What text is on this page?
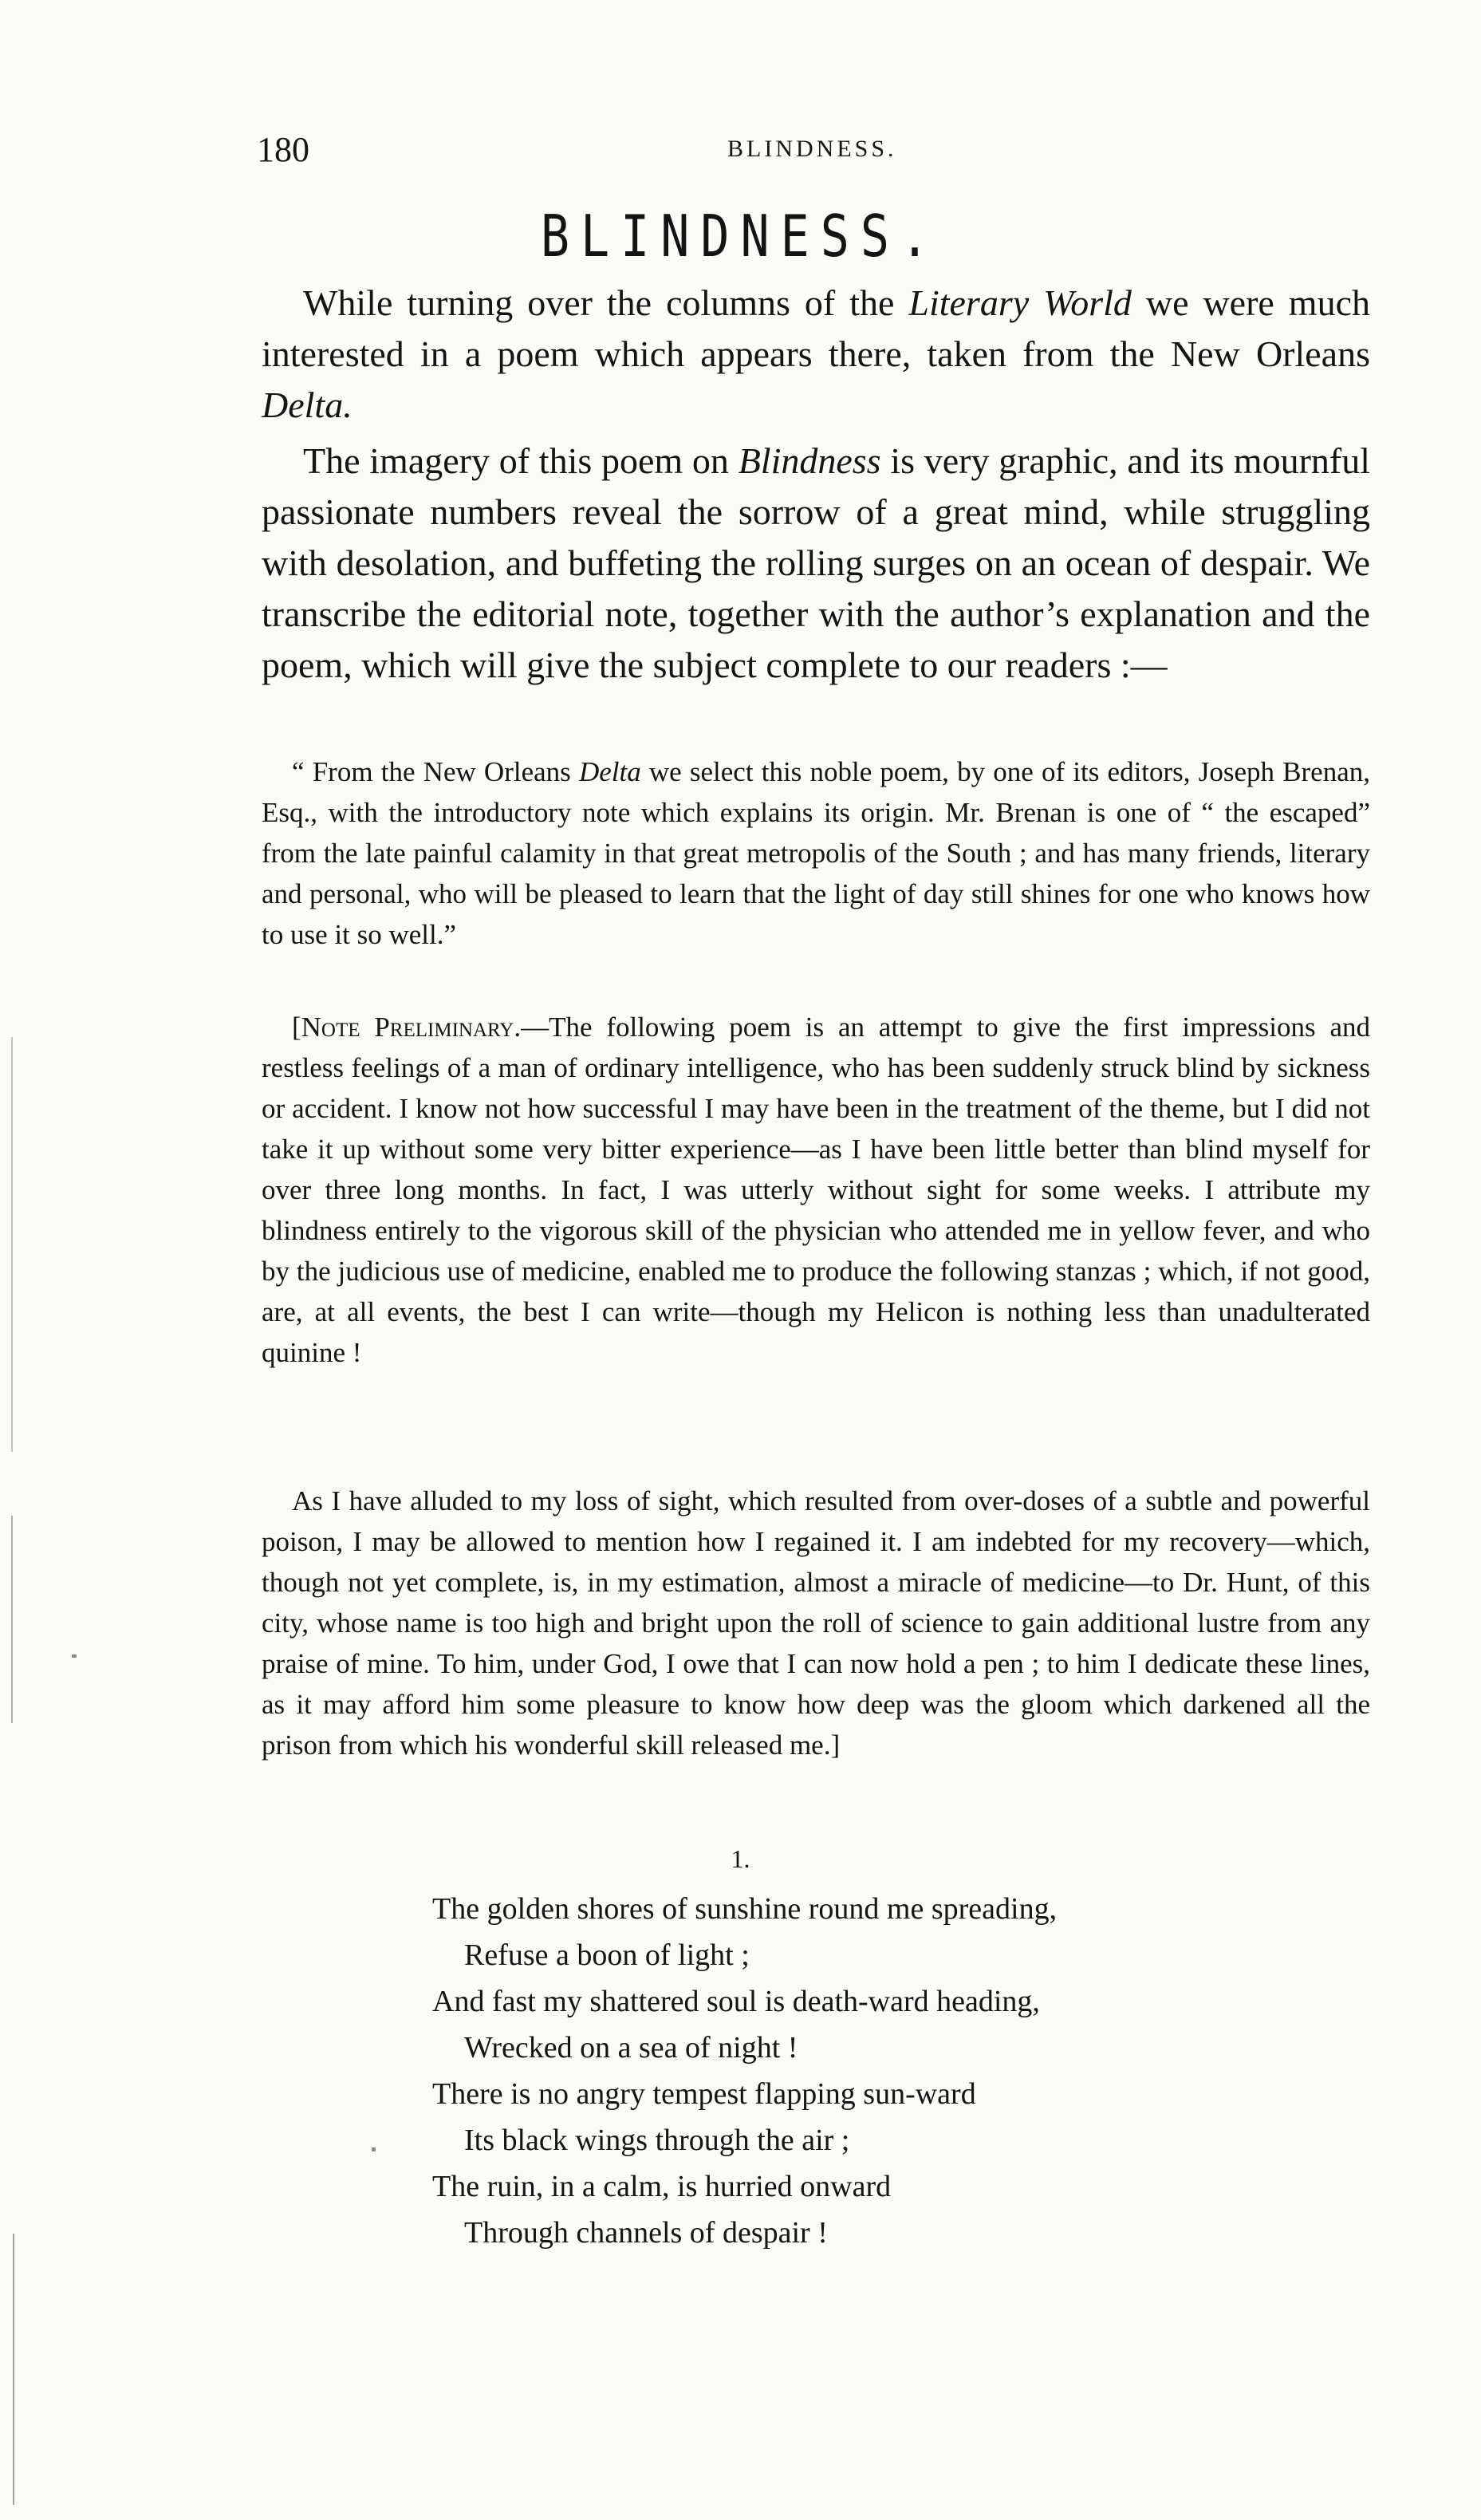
180	BLINDNESS.
BLINDNESS.

While turning over the columns of the Literary World we were much interested in a poem which appears there, taken from the New Orleans Delta.

The imagery of this poem on Blindness is very graphic, and its mournful passionate numbers reveal the sorrow of a great mind, while struggling with desolation, and buffeting the rolling surges on an ocean of despair. We transcribe the editorial note, together with the author’s explanation and the poem, which will give the subject complete to our readers :—

“ From the New Orleans Delta we select this noble poem, by one of its editors, Joseph Brenan, Esq., with the introductory note which explains its origin. Mr. Brenan is one of “ the escaped” from the late painful calamity in that great metropolis of the South ; and has many friends, literary and personal, who will be pleased to learn that the light of day still shines for one who knows how to use it so well.”

[Note Preliminary.—The following poem is an attempt to give the first impressions and restless feelings of a man of ordinary intelligence, who has been suddenly struck blind by sickness or accident. I know not how successful I may have been in the treatment of the theme, but I did not take it up without some very bitter experience—as I have been little better than blind myself for over three long months. In fact, I was utterly without sight for some weeks. I attribute my blindness entirely to the vigorous skill of the physician who attended me in yellow fever, and who by the judicious use of medicine, enabled me to produce the following stanzas ; which, if not good, are, at all events, the best I can write—though my Helicon is nothing less than unadulterated quinine !

As I have alluded to my loss of sight, which resulted from over-doses of a subtle and powerful poison, I may be allowed to mention how I regained it. I am indebted for my recovery—which, though not yet complete, is, in my estimation, almost a miracle of medicine—to Dr. Hunt, of this city, whose name is too high and bright upon the roll of science to gain additional lustre from any praise of mine. To him, under God, I owe that I can now hold a pen ; to him I dedicate these lines, as it may afford him some pleasure to know how deep was the gloom which darkened all the prison from which his wonderful skill released me.]

1.
The golden shores of sunshine round me spreading,
Refuse a boon of light ;
And fast my shattered soul is death-ward heading,
Wrecked on a sea of night !
There is no angry tempest flapping sun-ward
Its black wings through the air ;
The ruin, in a calm, is hurried onward
Through channels of despair !
